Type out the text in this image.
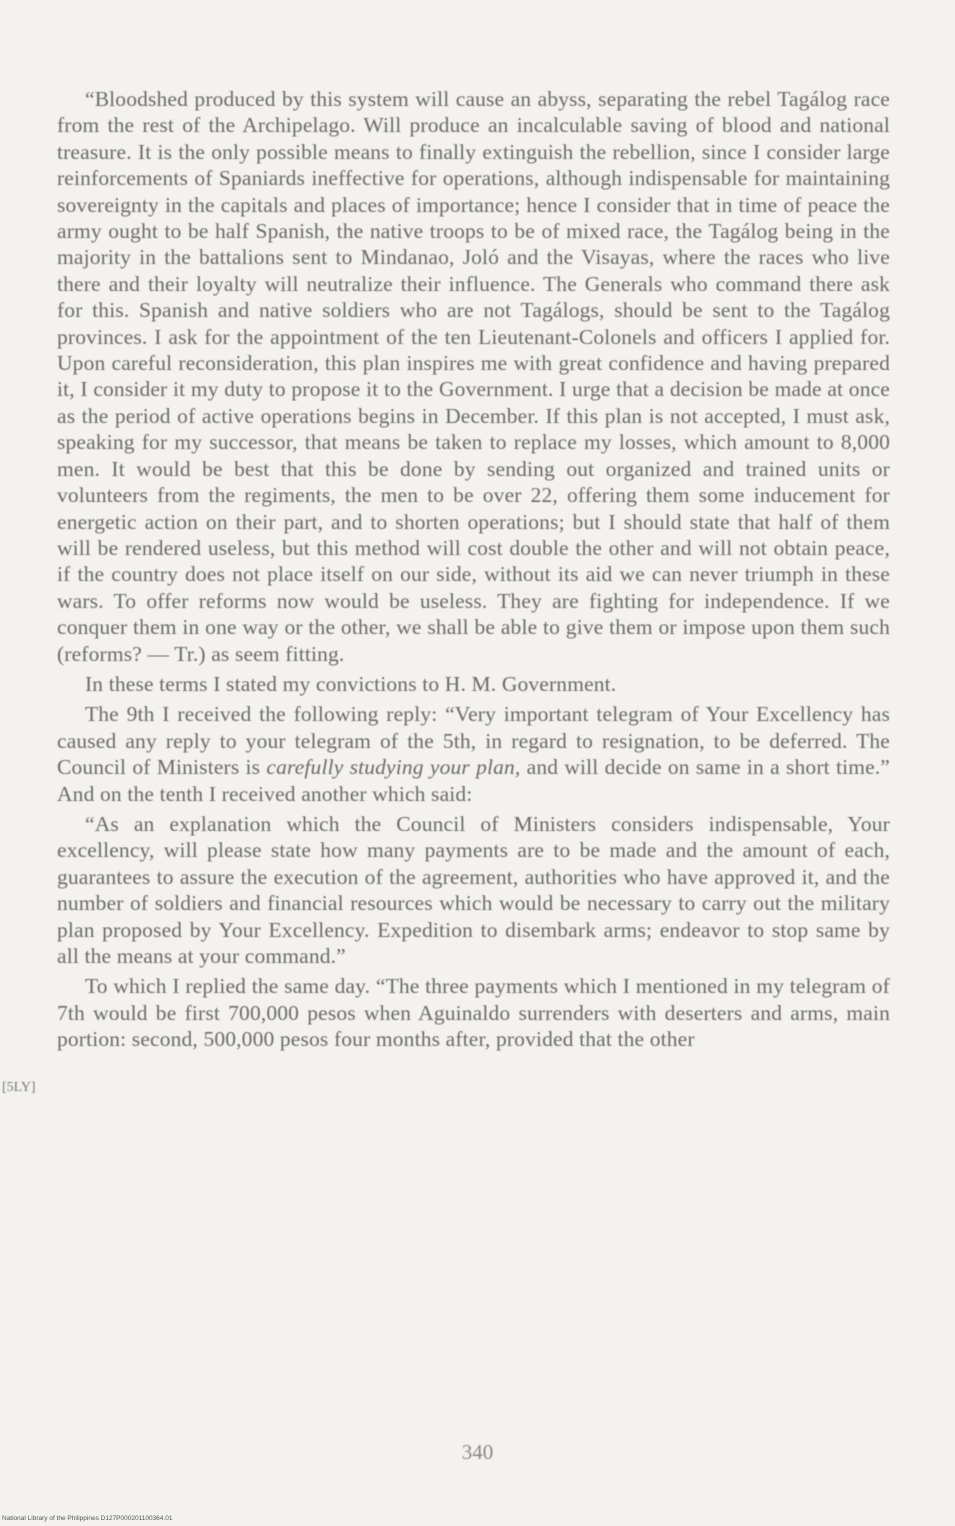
“Bloodshed produced by this system will cause an abyss, separating the rebel Tagálog race from the rest of the Archipelago. Will produce an incalculable saving of blood and national treasure. It is the only possible means to finally extinguish the rebellion, since I consider large reinforcements of Spaniards ineffective for operations, although indispensable for maintaining sovereignty in the capitals and places of importance; hence I consider that in time of peace the army ought to be half Spanish, the native troops to be of mixed race, the Tagálog being in the majority in the battalions sent to Mindanao, Joló and the Visayas, where the races who live there and their loyalty will neutralize their influence. The Generals who command there ask for this. Spanish and native soldiers who are not Tagálogs, should be sent to the Tagálog provinces. I ask for the appointment of the ten Lieutenant-Colonels and officers I applied for. Upon careful reconsideration, this plan inspires me with great confidence and having prepared it, I consider it my duty to propose it to the Government. I urge that a decision be made at once as the period of active operations begins in December. If this plan is not accepted, I must ask, speaking for my successor, that means be taken to replace my losses, which amount to 8,000 men. It would be best that this be done by sending out organized and trained units or volunteers from the regiments, the men to be over 22, offering them some inducement for energetic action on their part, and to shorten operations; but I should state that half of them will be rendered useless, but this method will cost double the other and will not obtain peace, if the country does not place itself on our side, without its aid we can never triumph in these wars. To offer reforms now would be useless. They are fighting for independence. If we conquer them in one way or the other, we shall be able to give them or impose upon them such (reforms? — Tr.) as seem fitting.

In these terms I stated my convictions to H. M. Government.

The 9th I received the following reply: “Very important telegram of Your Excellency has caused any reply to your telegram of the 5th, in regard to resignation, to be deferred. The Council of Ministers is carefully studying your plan, and will decide on same in a short time.” And on the tenth I received another which said:

“As an explanation which the Council of Ministers considers indispensable, Your excellency, will please state how many payments are to be made and the amount of each, guarantees to assure the execution of the agreement, authorities who have approved it, and the number of soldiers and financial resources which would be necessary to carry out the military plan proposed by Your Excellency. Expedition to disembark arms; endeavor to stop same by all the means at your command.”

To which I replied the same day. “The three payments which I mentioned in my telegram of 7th would be first 700,000 pesos when Aguinaldo surrenders with deserters and arms, main portion: second, 500,000 pesos four months after, provided that the other

[5LY]
340
National Library of the Philippines D127P000201100364.01
